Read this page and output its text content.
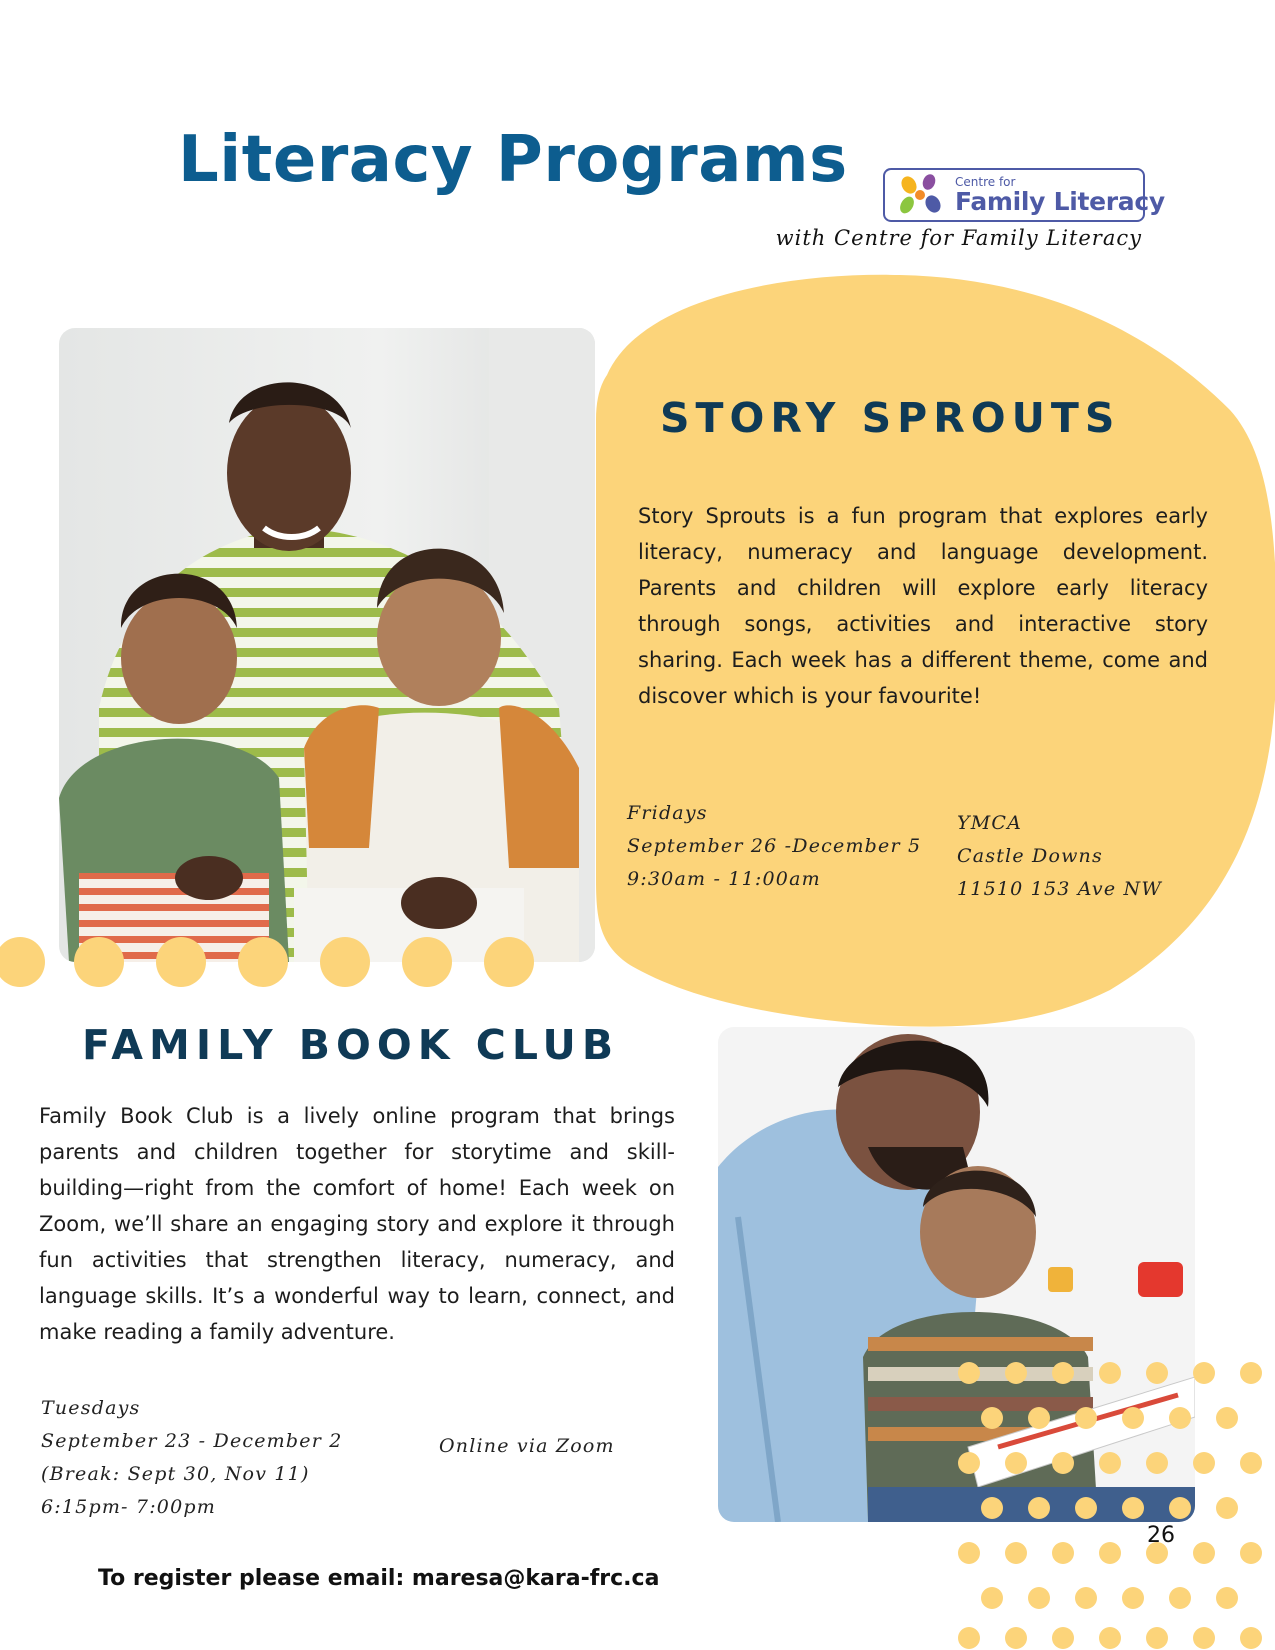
Literacy Programs	Centre for
Family Literacy
with Centre for Family Literacy
STORY SPROUTS

Story Sprouts is a fun program that explores early literacy, numeracy and language development. Parents and children will explore early literacy through songs, activities and interactive story sharing. Each week has a different theme, come and discover which is your favourite!

Fridays
September 26 -December 5
9:30am - 11:00am
YMCA
Castle Downs
11510 153 Ave NW
FAMILY BOOK CLUB

Family Book Club is a lively online program that brings parents and children together for storytime and skill-building—right from the comfort of home! Each week on Zoom, we’ll share an engaging story and explore it through fun activities that strengthen literacy, numeracy, and language skills. It’s a wonderful way to learn, connect, and make reading a family adventure.

Tuesdays
September 23 - December 2
(Break: Sept 30, Nov 11)
6:15pm- 7:00pm
Online via Zoom
To register please email: maresa@kara-frc.ca
26
